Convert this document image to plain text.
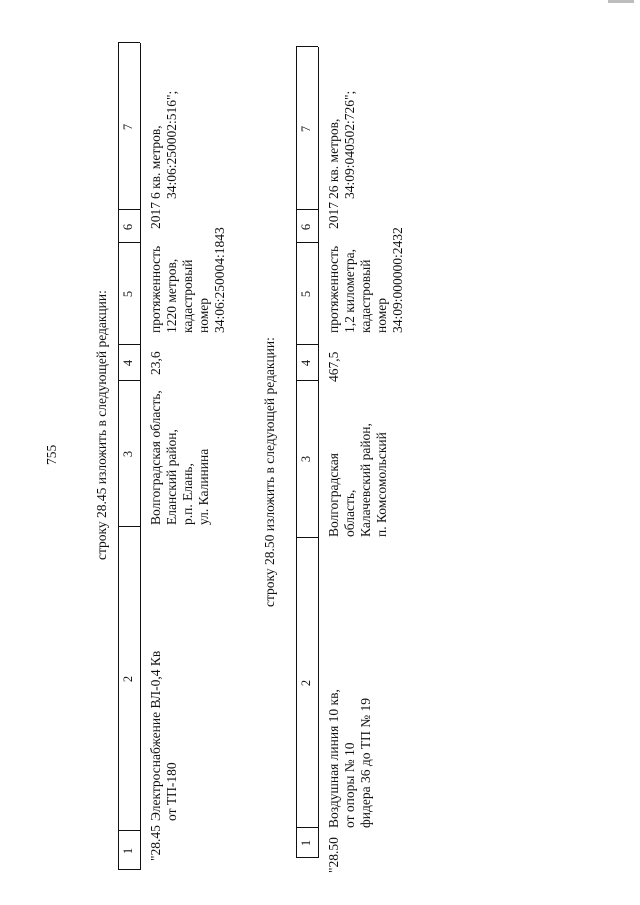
755	строку 28.45 изложить в следующей редакции:
1
2
3
4
5
6
7
"28.45
Электроснабжение ВЛ-0,4 Кв
от ТП-180
Волгоградская область,
Еланский район,
р.п. Елань,
ул. Калинина
23,6
протяженность
1220 метров,
кадастровый
номер
34:06:250004:1843
2017
6 кв. метров,
34:06:250002:516";
строку 28.50 изложить в следующей редакции:
1
2
3
4
5
6
7
"28.50
Воздушная линия 10 кв,
от опоры № 10
фидера 36 до ТП № 19
Волгоградская
область,
Калачевский район,
п. Комсомольский
467,5
протяженность
1,2 километра,
кадастровый
номер
34:09:000000:2432
2017
26 кв. метров,
34:09:040502:726";
